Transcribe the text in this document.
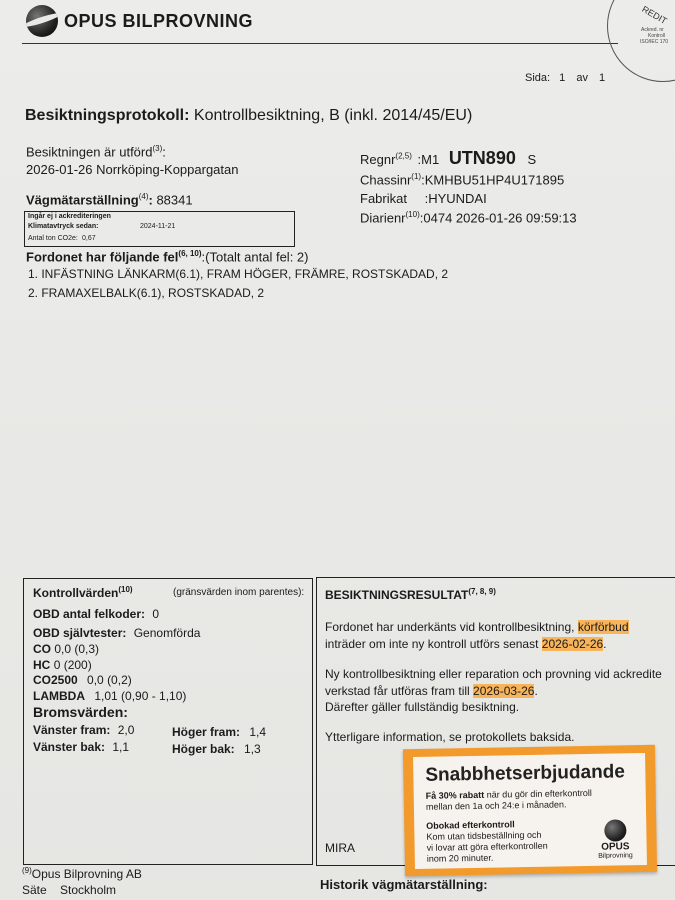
OPUS BILPROVNING	REDIT
Ackred. nr
Kontroll
ISO/IEC 170
Sida: 1 av 1
Besiktningsprotokoll: Kontrollbesiktning, B (inkl. 2014/45/EU)
Besiktningen är utförd$^{(3)}$:
2026-01-26 Norrköping-Koppargatan
Vägmätarställning$^{(4)}$: 88341
Ingår ej i ackrediteringen
Klimatavtryck sedan:	2024-11-21
Antal ton CO2e: 0,67
Regnr$^{(2,5)}$ :M1 UTN890 S
Chassinr$^{(1)}$:KMHBU51HP4U171895
Fabrikat :HYUNDAI
Diarienr$^{(10)}$:0474 2026-01-26 09:59:13
Fordonet har följande fel$^{(6, 10)}$:(Totalt antal fel: 2)
1. INFÄSTNING LÄNKARM(6.1), FRAM HÖGER, FRÄMRE, ROSTSKADAD, 2
2. FRAMAXELBALK(6.1), ROSTSKADAD, 2
Kontrollvärden$^{(10)}$	(gränsvärden inom parentes):
OBD antal felkoder: 0
OBD självtester: Genomförda
CO 0,0 (0,3)
HC 0 (200)
CO2500 0,0 (0,2)
LAMBDA 1,01 (0,90 - 1,10)
Bromsvärden:
Vänster fram: 2,0	Höger fram: 1,4
Vänster bak: 1,1	Höger bak: 1,3
BESIKTNINGSRESULTAT$^{(7, 8, 9)}$
Fordonet har underkänts vid kontrollbesiktning, körförbud
inträder om inte ny kontroll utförs senast 2026-02-26.
Ny kontrollbesiktning eller reparation och provning vid ackredite
verkstad får utföras fram till 2026-03-26.
Därefter gäller fullständig besiktning.
Ytterligare information, se protokollets baksida.
MIRA
Snabbhetserbjudande
Få 30% rabatt när du gör din efterkontroll
mellan den 1a och 24:e i månaden.
Obokad efterkontroll
Kom utan tidsbeställning och
vi lovar att göra efterkontrollen
inom 20 minuter.
OPUS
Bilprovning
$^{(9)}$Opus Bilprovning AB
Säte Stockholm	Historik vägmätarställning:
